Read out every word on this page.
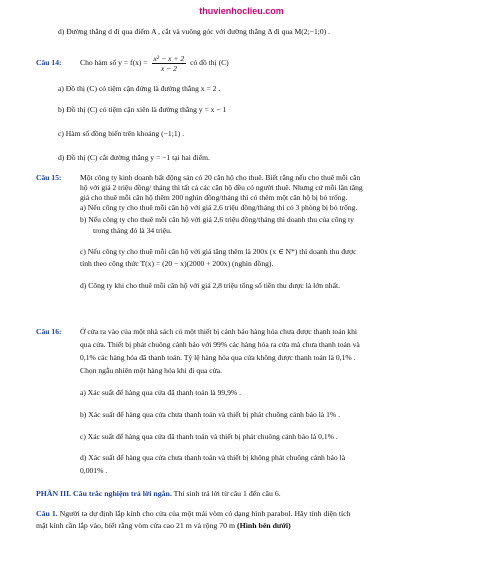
thuvienhoclieu.com
d) Đường thẳng d đi qua điểm A , cắt và vuông góc với đường thẳng Δ đi qua M(2;−1;0) .
Câu 14: Cho hàm số $y = f(x) = \frac{\text{x² − x + 2}}{x - 2}$ có đồ thị (C)
a) Đồ thị (C) có tiệm cận đứng là đường thẳng x = 2 .
b) Đồ thị (C) có tiệm cận xiên là đường thẳng y = x − 1
c) Hàm số đồng biến trên khoảng (−1;1) .
d) Đồ thị (C) cắt đường thẳng y = −1 tại hai điểm.
Câu 15: Một công ty kinh doanh bất động sản có 20 căn hộ cho thuê. Biết rằng nếu cho thuê mỗi căn
hộ với giá 2 triệu đồng/ tháng thì tất cả các căn hộ đều có người thuê. Nhưng cứ mỗi lần tăng
giá cho thuê mỗi căn hộ thêm 200 nghìn đồng/tháng thì có thêm một căn hộ bị bỏ trống.
a) Nếu công ty cho thuê mỗi căn hộ với giá 2,6 triệu đồng/tháng thì có 3 phòng bị bỏ trống.
b) Nếu công ty cho thuê mỗi căn hộ với giá 2,6 triệu đồng/tháng thì doanh thu của công ty
trong tháng đó là 34 triệu.
c) Nếu công ty cho thuê mỗi căn hộ với giá tăng thêm là 200x (x ∈ N*) thì doanh thu được
tính theo công thức T(x) = (20 − x)(2000 + 200x) (nghìn đồng).
d) Công ty khi cho thuê mỗi căn hộ với giá 2,8 triệu tổng số tiền thu được là lớn nhất.
Câu 16: Ở cửa ra vào của một nhà sách có một thiết bị cảnh báo hàng hóa chưa được thanh toán khi
qua cửa. Thiết bị phát chuông cảnh báo với 99% các hàng hóa ra cửa mà chưa thanh toán và
0,1% các hàng hóa đã thanh toán. Tỷ lệ hàng hóa qua cửa không được thanh toán là 0,1% .
Chọn ngẫu nhiên một hàng hóa khi đi qua cửa.
a) Xác suất để hàng qua cửa đã thanh toán là 99,9% .
b) Xác suất để hàng qua cửa chưa thanh toán và thiết bị phát chuông cảnh báo là 1% .
c) Xác suất để hàng qua cửa đã thanh toán và thiết bị phát chuông cảnh báo là 0,1% .
d) Xác suất để hàng qua cửa chưa thanh toán và thiết bị không phát chuông cảnh báo là
0,001% .
PHẦN III. Câu trắc nghiệm trả lời ngắn. Thí sinh trả lời từ câu 1 đến câu 6.
Câu 1. Người ta dự định lắp kính cho cửa của một mái vòm có dạng hình parabol. Hãy tính diện tích
mặt kính cần lắp vào, biết rằng vòm cửa cao 21 m và rộng 70 m (Hình bên dưới)
